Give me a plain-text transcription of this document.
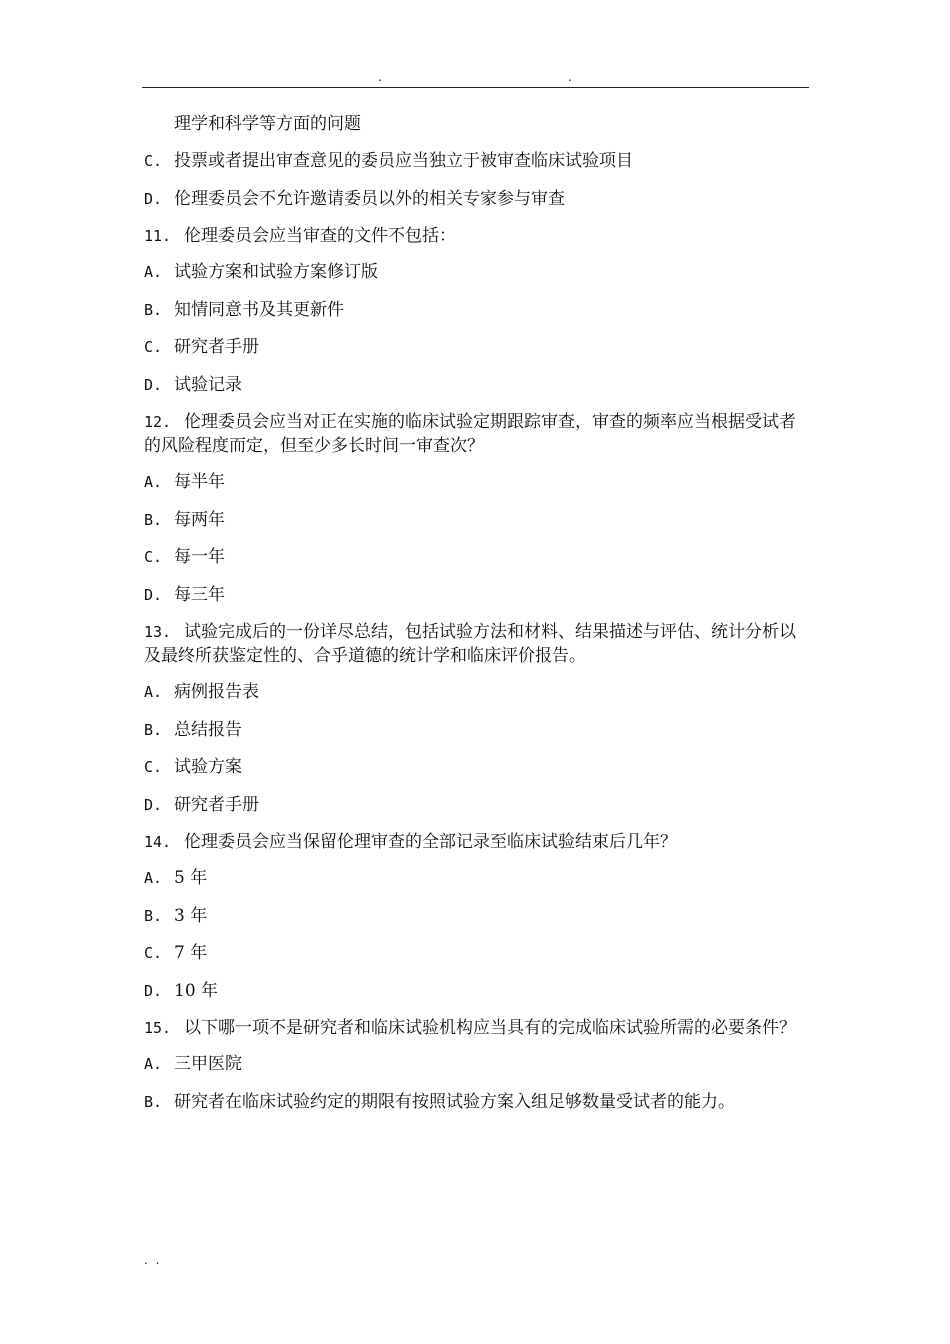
.	.

理学和科学等方面的问题

C. 投票或者提出审查意见的委员应当独立于被审查临床试验项目

D. 伦理委员会不允许邀请委员以外的相关专家参与审查

11. 伦理委员会应当审查的文件不包括：

A. 试验方案和试验方案修订版

B. 知情同意书及其更新件

C. 研究者手册

D. 试验记录

12. 伦理委员会应当对正在实施的临床试验定期跟踪审查，审查的频率应当根据受试者的风险程度而定，但至少多长时间一审查次？

A. 每半年

B. 每两年

C. 每一年

D. 每三年

13. 试验完成后的一份详尽总结，包括试验方法和材料、结果描述与评估、统计分析以及最终所获鉴定性的、合乎道德的统计学和临床评价报告。

A. 病例报告表

B. 总结报告

C. 试验方案

D. 研究者手册

14. 伦理委员会应当保留伦理审查的全部记录至临床试验结束后几年？

A. 5 年

B. 3 年

C. 7 年

D. 10 年

15. 以下哪一项不是研究者和临床试验机构应当具有的完成临床试验所需的必要条件？

A. 三甲医院

B. 研究者在临床试验约定的期限有按照试验方案入组足够数量受试者的能力。

. .
